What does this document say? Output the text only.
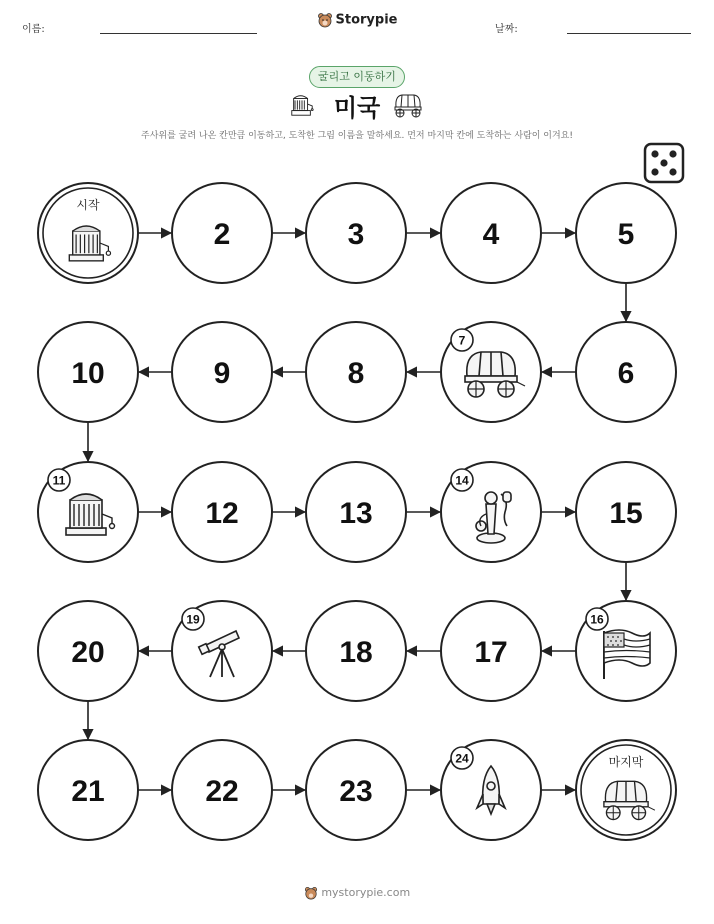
이름:
Storypie
날짜:
굴리고 이동하기
미국
주사위를 굴려 나온 칸만큼 이동하고, 도착한 그림 이름을 말하세요. 먼저 마지막 칸에 도착하는 사람이 이겨요!
시작
2	3	4	5
6
7
8
9
10
11
12	13
14
15
16
17
18
19
20
21	22	23
24	마지막
mystorypie.com
